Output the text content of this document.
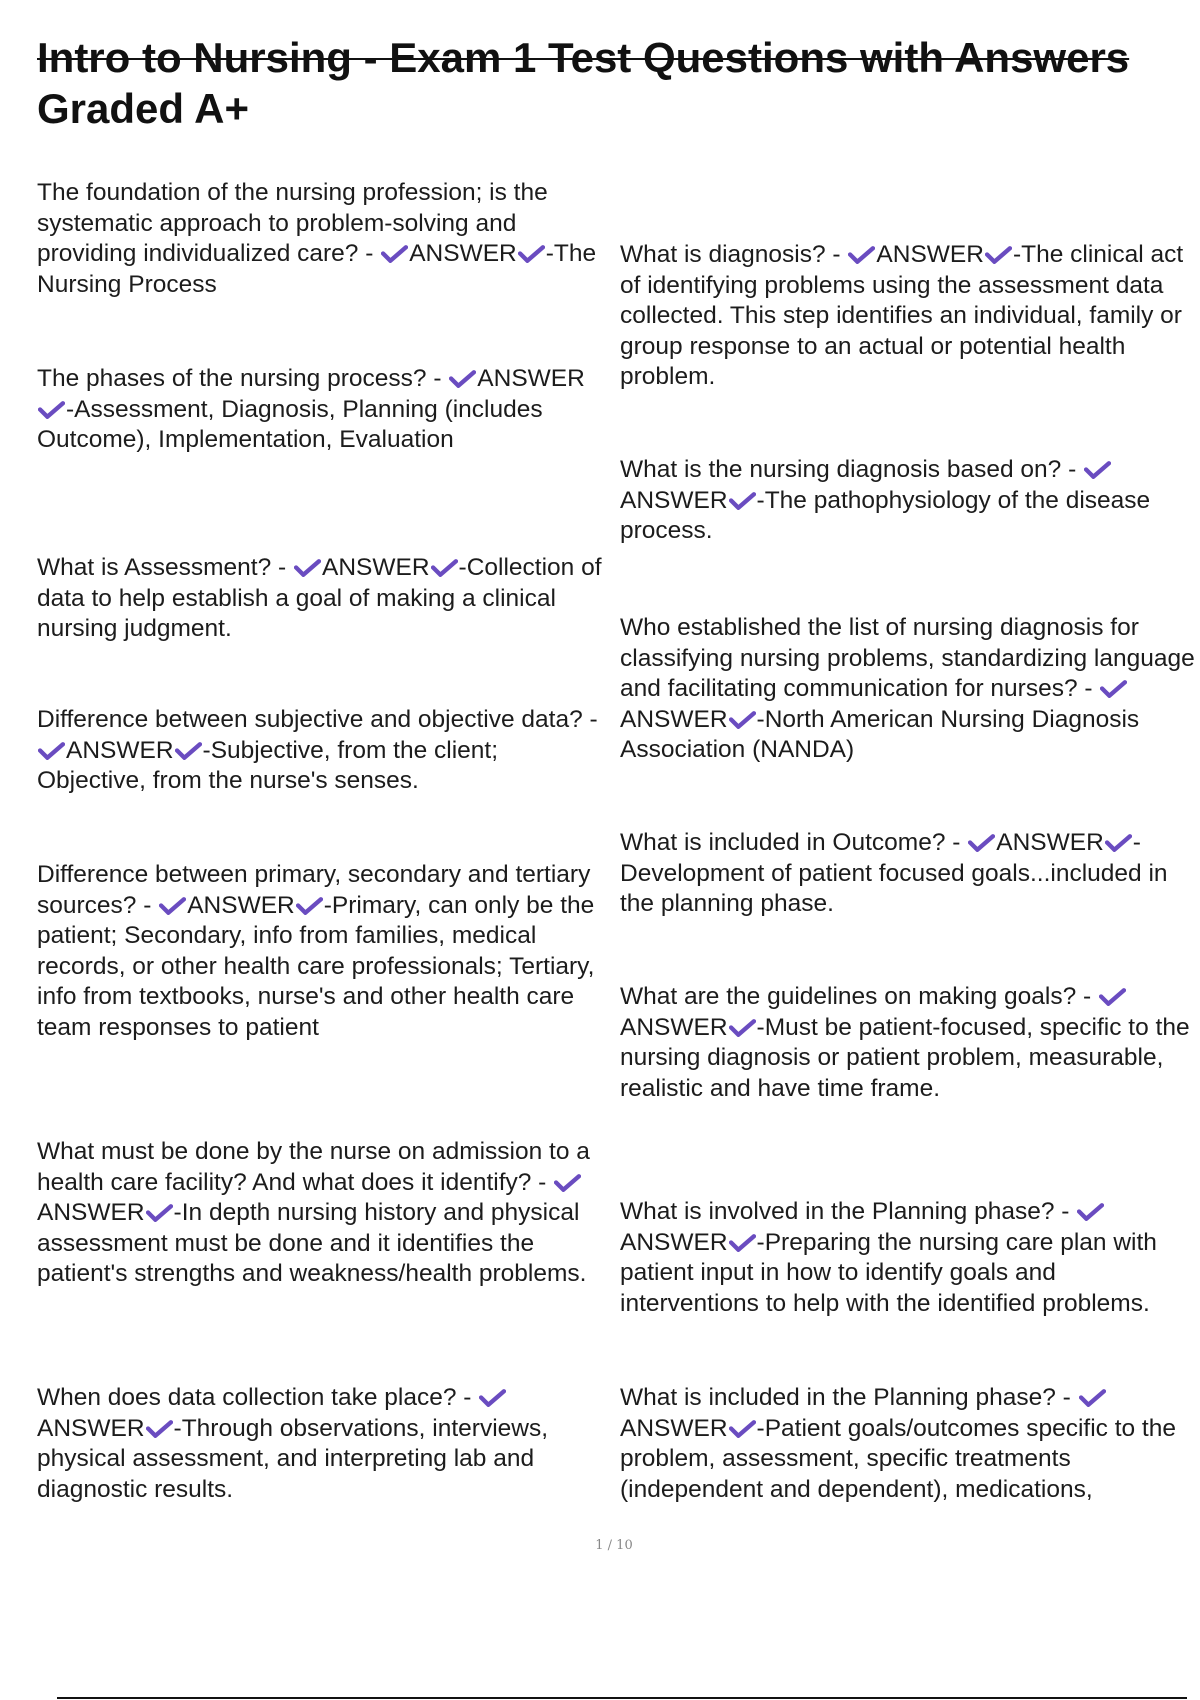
Intro to Nursing - Exam 1 Test Questions with Answers
Graded A+

The foundation of the nursing profession; is the systematic approach to problem-solving and providing individualized care? - ANSWER -The Nursing Process

The phases of the nursing process? - ANSWER-Assessment, Diagnosis, Planning (includes Outcome), Implementation, Evaluation

What is Assessment? - ANSWER -Collection of data to help establish a goal of making a clinical nursing judgment.

Difference between subjective and objective data? - ANSWER -Subjective, from the client; Objective, from the nurse's senses.

Difference between primary, secondary and tertiary sources? - ANSWER -Primary, can only be the patient; Secondary, info from families, medical records, or other health care professionals; Tertiary, info from textbooks, nurse's and other health care team responses to patient

What must be done by the nurse on admission to a health care facility? And what does it identify? - ANSWER -In depth nursing history and physical assessment must be done and it identifies the patient's strengths and weakness/health problems.

When does data collection take place? - ANSWER -Through observations, interviews, physical assessment, and interpreting lab and diagnostic results.

What is diagnosis? - ANSWER -The clinical act of identifying problems using the assessment data collected. This step identifies an individual, family or group response to an actual or potential health problem.

What is the nursing diagnosis based on? - ANSWER -The pathophysiology of the disease process.

Who established the list of nursing diagnosis for classifying nursing problems, standardizing language and facilitating communication for nurses? - ANSWER -North American Nursing Diagnosis Association (NANDA)

What is included in Outcome? - ANSWER -Development of patient focused goals...included in the planning phase.

What are the guidelines on making goals? - ANSWER -Must be patient-focused, specific to the nursing diagnosis or patient problem, measurable, realistic and have time frame.

What is involved in the Planning phase? - ANSWER -Preparing the nursing care plan with patient input in how to identify goals and interventions to help with the identified problems.

What is included in the Planning phase? - ANSWER -Patient goals/outcomes specific to the problem, assessment, specific treatments (independent and dependent), medications,

1 / 10
